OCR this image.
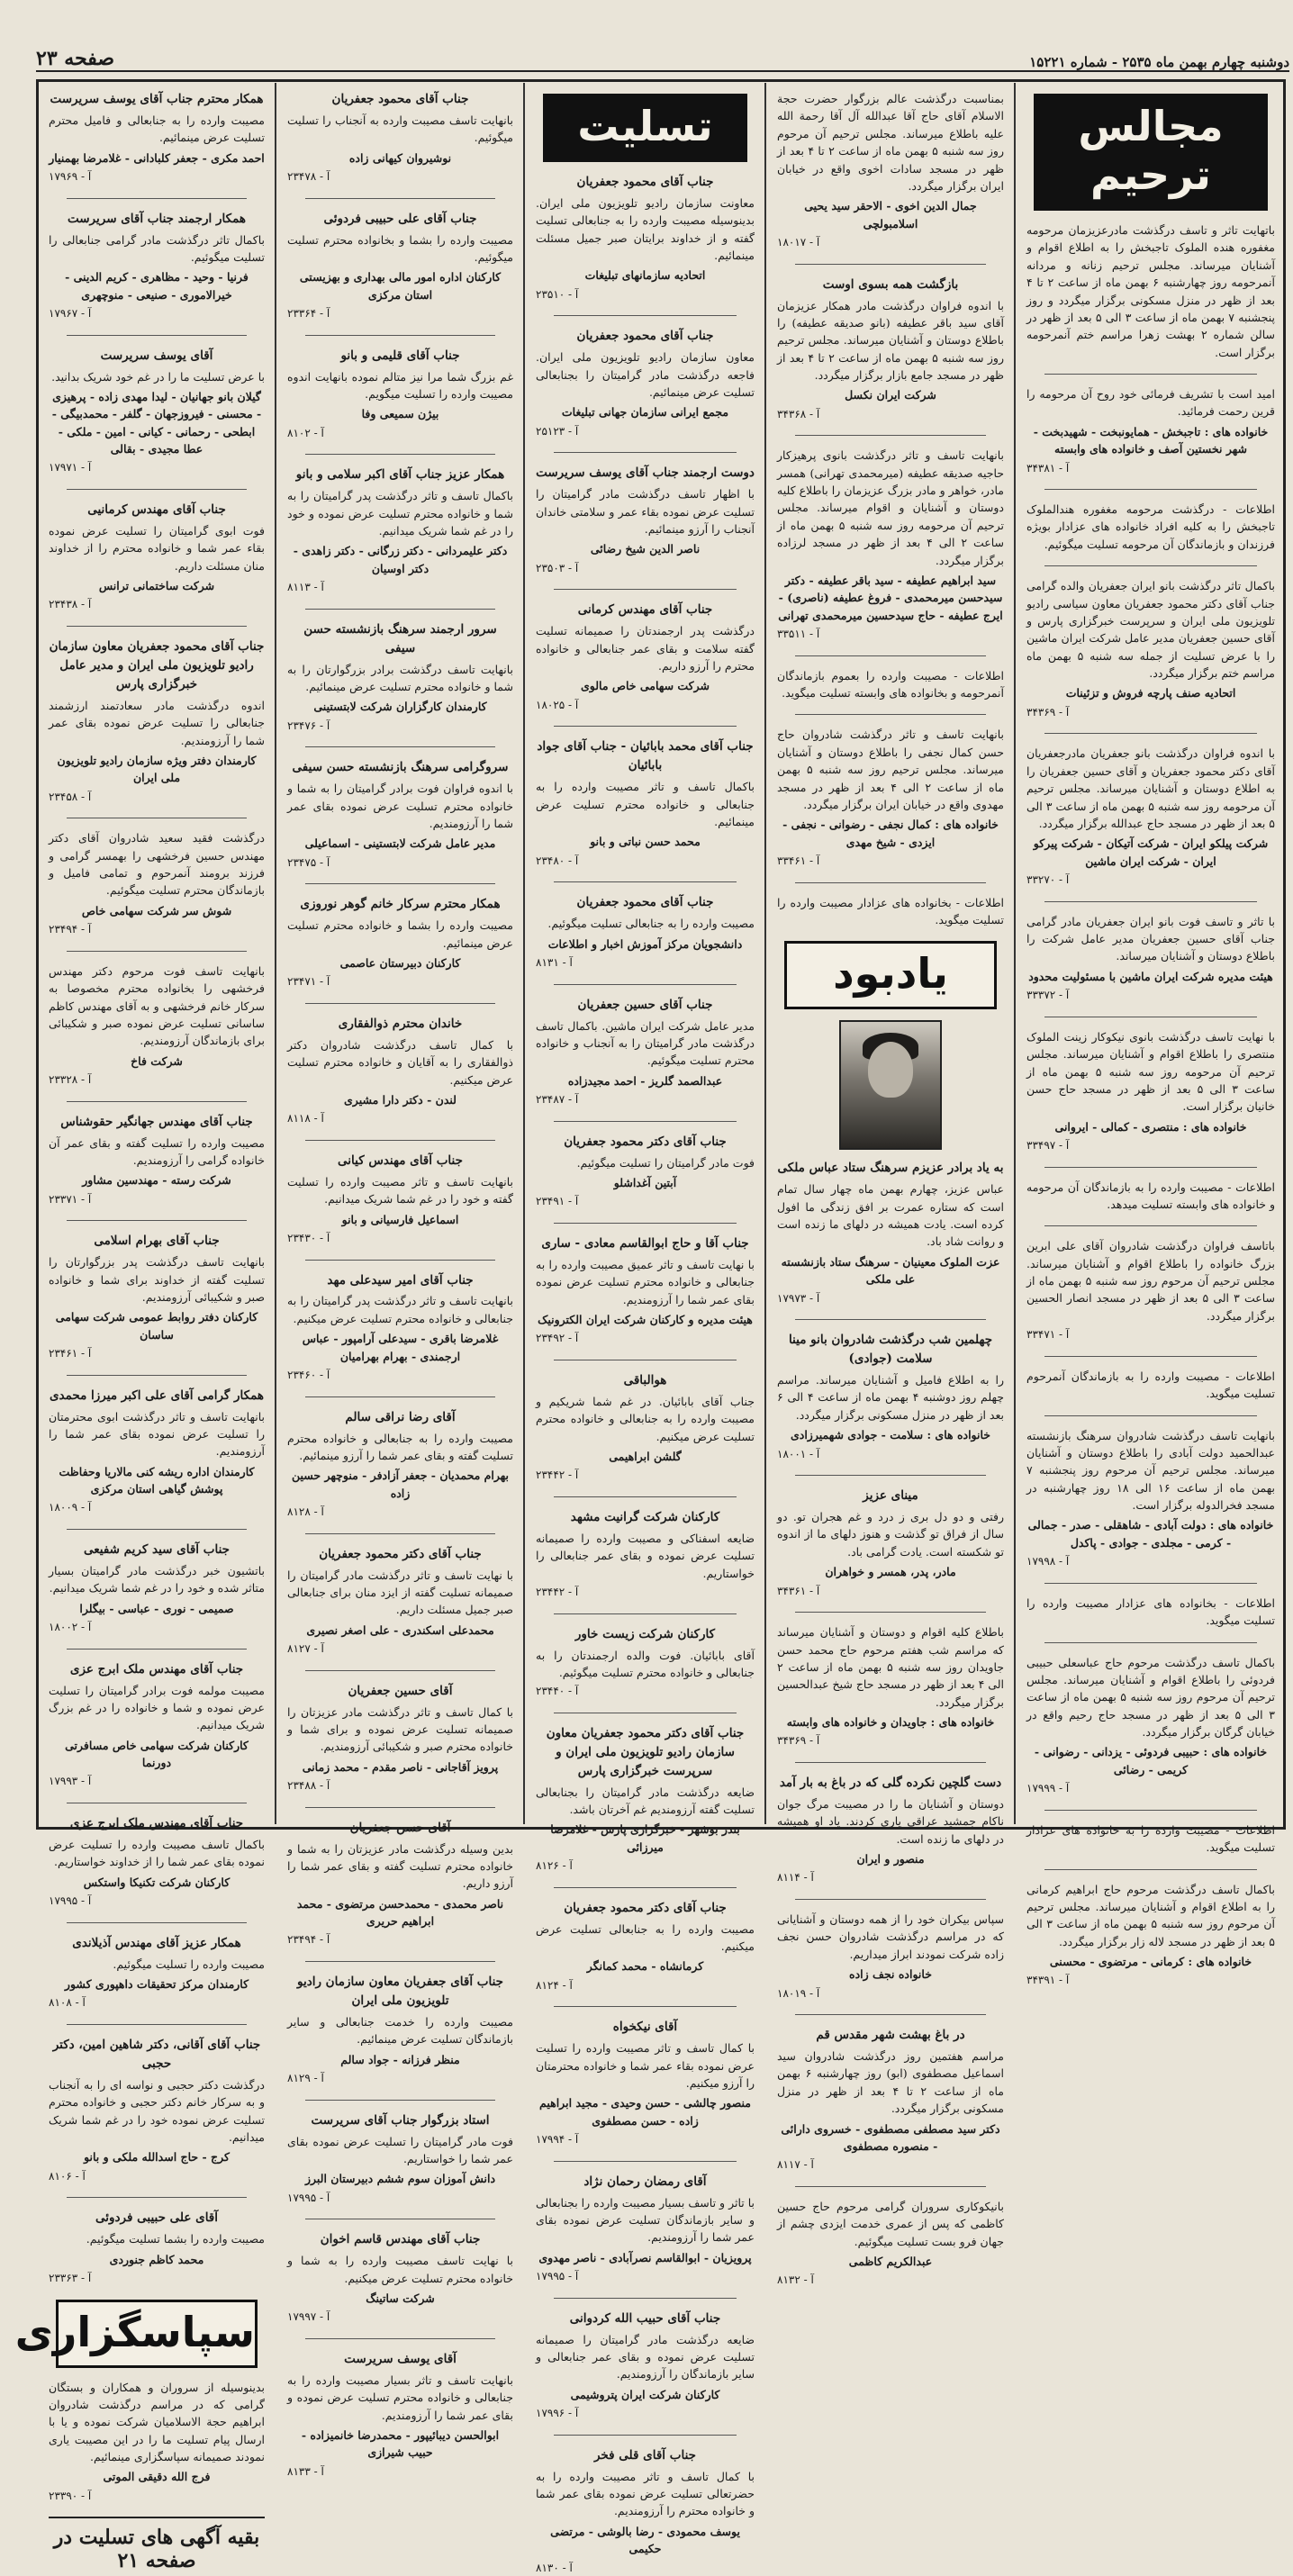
دوشنبه چهارم بهمن ماه ۲۵۳۵ - شماره ۱۵۲۲۱
صفحه ۲۳
مجالس ترحیم
باتهایت تاثر و تاسف درگذشت مادرعزیزمان مرحومه مغفوره هنده الملوک تاجبخش را به اطلاع اقوام و آشنایان میرساند. مجلس ترحیم زنانه و مردانه آنمرحومه روز چهارشنبه ۶ بهمن ماه از ساعت ۲ تا ۴ بعد از ظهر در منزل مسکونی برگزار میگردد و روز پنجشنبه ۷ بهمن ماه از ساعت ۳ الی ۵ بعد از ظهر در سالن شماره ۲ بهشت زهرا مراسم ختم آنمرحومه برگزار است.
امید است با تشریف فرمائی خود روح آن مرحومه را قرین رحمت فرمائید.
خانواده های : تاجبخش - همایونبخت - شهیدبخت - شهر نخستین آصف و خانواده های وابسته
آ - ۳۴۳۸۱
اطلاعات - درگذشت مرحومه مغفوره هندالملوک تاجبخش را به کلیه افراد خانواده های عزادار بویژه فرزندان و بازماندگان آن مرحومه تسلیت میگوئیم.
باکمال تاثر درگذشت بانو ایران جعفریان والده گرامی جناب آقای دکتر محمود جعفریان معاون سیاسی رادیو تلویزیون ملی ایران و سرپرست خبرگزاری پارس و آقای حسین جعفریان مدیر عامل شرکت ایران ماشین را با عرض تسلیت از جمله سه شنبه ۵ بهمن ماه مراسم ختم برگزار میگردد.
اتحادیه صنف پارچه فروش و تزئینات
آ - ۳۴۳۶۹
با اندوه فراوان درگذشت بانو جعفریان مادرجعفریان آقای دکتر محمود جعفریان و آقای حسین جعفریان را به اطلاع دوستان و آشنایان میرساند. مجلس ترحیم آن مرحومه روز سه شنبه ۵ بهمن ماه از ساعت ۳ الی ۵ بعد از ظهر در مسجد حاج عبدالله برگزار میگردد.
شرکت پیلکو ایران - شرکت آتیکان - شرکت پیرکو ایران - شرکت ایران ماشین
آ - ۳۳۲۷۰
با تاثر و تاسف فوت بانو ایران جعفریان مادر گرامی جناب آقای حسین جعفریان مدیر عامل شرکت را باطلاع دوستان و آشنایان میرساند.
هیئت مدیره شرکت ایران ماشین با مسئولیت محدود
آ - ۳۳۳۷۲
با نهایت تاسف درگذشت بانوی نیکوکار زینت الملوک منتصری را باطلاع اقوام و آشنایان میرساند. مجلس ترحیم آن مرحومه روز سه شنبه ۵ بهمن ماه از ساعت ۳ الی ۵ بعد از ظهر در مسجد حاج حسن خانیان برگزار است.
خانواده های : منتصری - کمالی - ایروانی
آ - ۳۳۴۹۷
اطلاعات - مصیبت وارده را به بازماندگان آن مرحومه و خانواده های وابسته تسلیت میدهد.
باتاسف فراوان درگذشت شادروان آقای علی ابرین بزرگ خانواده را باطلاع اقوام و آشنایان میرساند. مجلس ترحیم آن مرحوم روز سه شنبه ۵ بهمن ماه از ساعت ۳ الی ۵ بعد از ظهر در مسجد انصار الحسین برگزار میگردد.
آ - ۳۳۴۷۱
اطلاعات - مصیبت وارده را به بازماندگان آنمرحوم تسلیت میگوید.
بانهایت تاسف درگذشت شادروان سرهنگ بازنشسته عبدالحمید دولت آبادی را باطلاع دوستان و آشنایان میرساند. مجلس ترحیم آن مرحوم روز پنجشنبه ۷ بهمن ماه از ساعت ۱۶ الی ۱۸ روز چهارشنبه در مسجد فخرالدوله برگزار است.
خانواده های : دولت آبادی - شاهقلی - صدر - جمالی - کرمی - مجلدی - جوادی - پاکدل
آ - ۱۷۹۹۸
اطلاعات - بخانواده های عزادار مصیبت وارده را تسلیت میگوید.
باکمال تاسف درگذشت مرحوم حاج عباسعلی حبیبی فردوئی را باطلاع اقوام و آشنایان میرساند. مجلس ترحیم آن مرحوم روز سه شنبه ۵ بهمن ماه از ساعت ۳ الی ۵ بعد از ظهر در مسجد حاج رحیم واقع در خیابان گرگان برگزار میگردد.
خانواده های : حبیبی فردوئی - یزدانی - رضوانی - کریمی - رضائی
آ - ۱۷۹۹۹
اطلاعات - مصیبت وارده را به خانواده های عزادار تسلیت میگوید.
باکمال تاسف درگذشت مرحوم حاج ابراهیم کرمانی را به اطلاع اقوام و آشنایان میرساند. مجلس ترحیم آن مرحوم روز سه شنبه ۵ بهمن ماه از ساعت ۳ الی ۵ بعد از ظهر در مسجد لاله زار برگزار میگردد.
خانواده های : کرمانی - مرتضوی - محسنی
آ - ۳۴۳۹۱
بمناسبت درگذشت عالم بزرگوار حضرت حجة الاسلام آقای حاج آقا عبدالله آل آقا رحمة الله علیه باطلاع میرساند. مجلس ترحیم آن مرحوم روز سه شنبه ۵ بهمن ماه از ساعت ۲ تا ۴ بعد از ظهر در مسجد سادات اخوی واقع در خیابان ایران برگزار میگردد.
جمال الدین اخوی - الاحقر سید یحیی اسلامبولچی
آ - ۱۸۰۱۷
بازگشت همه بسوی اوست
با اندوه فراوان درگذشت مادر همکار عزیزمان آقای سید باقر عطیفه (بانو صدیقه عطیفه) را باطلاع دوستان و آشنایان میرساند. مجلس ترحیم روز سه شنبه ۵ بهمن ماه از ساعت ۲ تا ۴ بعد از ظهر در مسجد جامع بازار برگزار میگردد.
شرکت ایران نکسل
آ - ۳۴۳۶۸
بانهایت تاسف و تاثر درگذشت بانوی پرهیزکار حاجیه صدیقه عطیفه (میرمحمدی تهرانی) همسر مادر، خواهر و مادر بزرگ عزیزمان را باطلاع کلیه دوستان و آشنایان و اقوام میرساند. مجلس ترحیم آن مرحومه روز سه شنبه ۵ بهمن ماه از ساعت ۲ الی ۴ بعد از ظهر در مسجد لرزاده برگزار میگردد.
سید ابراهیم عطیفه - سید باقر عطیفه - دکتر سیدحسن میرمحمدی - فروغ عطیفه (ناصری) - ایرج عطیفه - حاج سیدحسین میرمحمدی تهرانی
آ - ۳۳۵۱۱
اطلاعات - مصیبت وارده را بعموم بازماندگان آنمرحومه و بخانواده های وابسته تسلیت میگوید.
بانهایت تاسف و تاثر درگذشت شادروان حاج حسن کمال نجفی را باطلاع دوستان و آشنایان میرساند. مجلس ترحیم روز سه شنبه ۵ بهمن ماه از ساعت ۲ الی ۴ بعد از ظهر در مسجد مهدوی واقع در خیابان ایران برگزار میگردد.
خانواده های : کمال نجفی - رضوانی - نجفی - ایزدی - شیخ مهدی
آ - ۳۳۴۶۱
اطلاعات - بخانواده های عزادار مصیبت وارده را تسلیت میگوید.
یادبود
به یاد برادر عزیزم سرهنگ ستاد عباس ملکی
عباس عزیز، چهارم بهمن ماه چهار سال تمام است که ستاره عمرت بر افق زندگی ما افول کرده است. یادت همیشه در دلهای ما زنده است و روانت شاد باد.
عزت الملوک معینیان - سرهنگ ستاد بازنشسته علی ملکی
آ - ۱۷۹۷۳
چهلمین شب درگذشت شادروان بانو مینا سلامت (جوادی)
را به اطلاع فامیل و آشنایان میرساند. مراسم چهلم روز دوشنبه ۴ بهمن ماه از ساعت ۴ الی ۶ بعد از ظهر در منزل مسکونی برگزار میگردد.
خانواده های : سلامت - جوادی شهمیرزادی
آ - ۱۸۰۰۱
مینای عزیز
رفتی و دو دل بری ز درد و غم هجران تو. دو سال از فراق تو گذشت و هنوز دلهای ما از اندوه تو شکسته است. یادت گرامی باد.
مادر، پدر، همسر و خواهران
آ - ۳۴۳۶۱
باطلاع کلیه اقوام و دوستان و آشنایان میرساند که مراسم شب هفتم مرحوم حاج محمد حسن جاویدان روز سه شنبه ۵ بهمن ماه از ساعت ۲ الی ۴ بعد از ظهر در مسجد حاج شیخ عبدالحسین برگزار میگردد.
خانواده های : جاویدان و خانواده های وابسته
آ - ۳۴۳۶۹
دست گلچین نکرده گلی که در باغ به بار آمد
دوستان و آشنایان ما را در مصیبت مرگ جوان ناکام جمشید عراقی یاری کردند. یاد او همیشه در دلهای ما زنده است.
منصور و ایران
آ - ۸۱۱۴
سپاس بیکران خود را از همه دوستان و آشنایانی که در مراسم درگذشت شادروان حسن نجف زاده شرکت نمودند ابراز میداریم.
خانواده نجف زاده
آ - ۱۸۰۱۹
در باغ بهشت شهر مقدس قم
مراسم هفتمین روز درگذشت شادروان سید اسماعیل مصطفوی (ابو) روز چهارشنبه ۶ بهمن ماه از ساعت ۲ تا ۴ بعد از ظهر در منزل مسکونی برگزار میگردد.
دکتر سید مصطفی مصطفوی - خسروی دارائی - منصوره مصطفوی
آ - ۸۱۱۷
بانیکوکاری سروران گرامی مرحوم حاج حسین کاظمی که پس از عمری خدمت ایزدی چشم از جهان فرو بست تسلیت میگوئیم.
عبدالکریم کاظمی
آ - ۸۱۳۲
تسلیت
جناب آقای محمود جعفریان
معاونت سازمان رادیو تلویزیون ملی ایران. بدینوسیله مصیبت وارده را به جنابعالی تسلیت گفته و از خداوند برایتان صبر جمیل مسئلت مینمائیم.
اتحادیه سازمانهای تبلیغات
آ - ۲۳۵۱۰
جناب آقای محمود جعفریان
معاون سازمان رادیو تلویزیون ملی ایران. فاجعه درگذشت مادر گرامیتان را بجنابعالی تسلیت عرض مینمائیم.
مجمع ایرانی سازمان جهانی تبلیغات
آ - ۲۵۱۲۳
دوست ارجمند جناب آقای یوسف سریرست
با اظهار تاسف درگذشت مادر گرامیتان را تسلیت عرض نموده بقاء عمر و سلامتی خاندان آنجناب را آرزو مینمائیم.
ناصر الدین شیخ رضائی
آ - ۲۳۵۰۳
جناب آقای مهندس کرمانی
درگذشت پدر ارجمندتان را صمیمانه تسلیت گفته سلامت و بقای عمر جنابعالی و خانواده محترم را آرزو داریم.
شرکت سهامی خاص مالوی
آ - ۱۸۰۲۵
جناب آقای محمد بابائیان - جناب آقای جواد بابائیان
باکمال تاسف و تاثر مصیبت وارده را به جنابعالی و خانواده محترم تسلیت عرض مینمائیم.
محمد حسن نباتی و بانو
آ - ۲۳۴۸۰
جناب آقای محمود جعفریان
مصیبت وارده را به جنابعالی تسلیت میگوئیم.
دانشجویان مرکز آموزش اخبار و اطلاعات
آ - ۸۱۳۱
جناب آقای حسین جعفریان
مدیر عامل شرکت ایران ماشین. باکمال تاسف درگذشت مادر گرامیتان را به آنجناب و خانواده محترم تسلیت میگوئیم.
عبدالصمد گلریز - احمد مجیدزاده
آ - ۲۳۴۸۷
جناب آقای دکتر محمود جعفریان
فوت مادر گرامیتان را تسلیت میگوئیم.
آبتین آغداشلو
آ - ۲۳۴۹۱
جناب آقا و حاج ابوالقاسم معادی - ساری
با نهایت تاسف و تاثر عمیق مصیبت وارده را به جنابعالی و خانواده محترم تسلیت عرض نموده بقای عمر شما را آرزومندیم.
هیئت مدیره و کارکنان شرکت ایران الکترونیک
آ - ۲۳۴۹۲
هوالباقی
جناب آقای بابائیان. در غم شما شریکیم و مصیبت وارده را به جنابعالی و خانواده محترم تسلیت عرض میکنیم.
گلشن ابراهیمی
آ - ۲۳۴۴۲
کارکنان شرکت گرانیت مشهد
ضایعه اسفناکی و مصیبت وارده را صمیمانه تسلیت عرض نموده و بقای عمر جنابعالی را خواستاریم.
آ - ۲۳۴۴۲
کارکنان شرکت زیست خاور
آقای بابائیان. فوت والده ارجمندتان را به جنابعالی و خانواده محترم تسلیت میگوئیم.
آ - ۲۳۴۴۰
جناب آقای دکتر محمود جعفریان معاون سازمان رادیو تلویزیون ملی ایران و سرپرست خبرگزاری پارس
ضایعه درگذشت مادر گرامیتان را بجنابعالی تسلیت گفته آرزومندیم غم آخرتان باشد.
بندر بوشهر - خبرگزاری پارس - غلامرضا میرزائی
آ - ۸۱۲۶
جناب آقای دکتر محمود جعفریان
مصیبت وارده را به جنابعالی تسلیت عرض میکنیم.
کرمانشاه - محمد کمانگر
آ - ۸۱۲۴
آقای نیکخواه
با کمال تاسف و تاثر مصیبت وارده را تسلیت عرض نموده بقاء عمر شما و خانواده محترمتان را آرزو میکنیم.
منصور چالشی - حسن وحیدی - مجید ابراهیم زاده - حسن مصطفوی
آ - ۱۷۹۹۴
آقای رمضان رحمان نژاد
با تاثر و تاسف بسیار مصیبت وارده را بجنابعالی و سایر بازماندگان تسلیت عرض نموده بقای عمر شما را آرزومندیم.
پرویزیان - ابوالقاسم نصرآبادی - ناصر مهدوی
آ - ۱۷۹۹۵
جناب آقای حبیب الله کردوانی
ضایعه درگذشت مادر گرامیتان را صمیمانه تسلیت عرض نموده و بقای عمر جنابعالی و سایر بازماندگان را آرزومندیم.
کارکنان شرکت ایران پتروشیمی
آ - ۱۷۹۹۶
جناب آقای قلی فخر
با کمال تاسف و تاثر مصیبت وارده را به حضرتعالی تسلیت عرض نموده بقای عمر شما و خانواده محترم را آرزومندیم.
یوسف محمودی - رضا بالوشی - مرتضی حکیمی
آ - ۸۱۳۰
جناب آقای محمود جعفریان
بانهایت تاسف مصیبت وارده به آنجناب را تسلیت میگوئیم.
نوشیروان کیهانی زاده
آ - ۲۳۴۷۸
جناب آقای علی حبیبی فردوئی
مصیبت وارده را بشما و بخانواده محترم تسلیت میگوئیم.
کارکنان اداره امور مالی بهداری و بهزیستی استان مرکزی
آ - ۲۳۳۶۴
جناب آقای قلیمی و بانو
غم بزرگ شما مرا نیز متالم نموده بانهایت اندوه مصیبت وارده را تسلیت میگویم.
بیژن سمیعی وفا
آ - ۸۱۰۲
همکار عزیز جناب آقای اکبر سلامی و بانو
باکمال تاسف و تاثر درگذشت پدر گرامیتان را به شما و خانواده محترم تسلیت عرض نموده و خود را در غم شما شریک میدانیم.
دکتر علیمردانی - دکتر زرگانی - دکتر زاهدی - دکتر اوسیان
آ - ۸۱۱۳
سرور ارجمند سرهنگ بازنشسته حسن سیفی
بانهایت تاسف درگذشت برادر بزرگوارتان را به شما و خانواده محترم تسلیت عرض مینمائیم.
کارمندان کارگزاران شرکت لابتستینی
آ - ۲۳۴۷۶
سروگرامی سرهنگ بازنشسته حسن سیفی
با اندوه فراوان فوت برادر گرامیتان را به شما و خانواده محترم تسلیت عرض نموده بقای عمر شما را آرزومندیم.
مدیر عامل شرکت لابتستینی - اسماعیلی
آ - ۲۳۴۷۵
همکار محترم سرکار خانم گوهر نوروزی
مصیبت وارده را بشما و خانواده محترم تسلیت عرض مینمائیم.
کارکنان دبیرستان عاصمی
آ - ۲۳۴۷۱
خاندان محترم ذوالفقاری
با کمال تاسف درگذشت شادروان دکتر ذوالفقاری را به آقایان و خانواده محترم تسلیت عرض میکنیم.
لندن - دکتر دارا مشیری
آ - ۸۱۱۸
جناب آقای مهندس کیانی
بانهایت تاسف و تاثر مصیبت وارده را تسلیت گفته و خود را در غم شما شریک میدانیم.
اسماعیل فارسیانی و بانو
آ - ۲۳۴۳۰
جناب آقای امیر سیدعلی مهد
بانهایت تاسف و تاثر درگذشت پدر گرامیتان را به جنابعالی و خانواده محترم تسلیت عرض میکنیم.
غلامرضا باقری - سیدعلی آرامپور - عباس ارجمندی - بهرام بهرامیان
آ - ۲۳۴۶۰
آقای رضا نراقی سالم
مصیبت وارده را به جنابعالی و خانواده محترم تسلیت گفته و بقای عمر شما را آرزو مینمائیم.
بهرام محمدیان - جعفر آزادفر - منوچهر حسین زاده
آ - ۸۱۲۸
جناب آقای دکتر محمود جعفریان
با نهایت تاسف و تاثر درگذشت مادر گرامیتان را صمیمانه تسلیت گفته از ایزد منان برای جنابعالی صبر جمیل مسئلت داریم.
محمدعلی اسکندری - علی اصغر نصیری
آ - ۸۱۲۷
آقای حسین جعفریان
با کمال تاسف و تاثر درگذشت مادر عزیزتان را صمیمانه تسلیت عرض نموده و برای شما و خانواده محترم صبر و شکیبائی آرزومندیم.
پرویز آقاجانی - ناصر مقدم - محمد زمانی
آ - ۲۳۴۸۸
آقای حسن جعفریان
بدین وسیله درگذشت مادر عزیزتان را به شما و خانواده محترم تسلیت گفته و بقای عمر شما را آرزو داریم.
ناصر محمدی - محمدحسن مرتضوی - محمد ابراهیم حریری
آ - ۲۳۴۹۴
جناب آقای جعفریان معاون سازمان رادیو تلویزیون ملی ایران
مصیبت وارده را خدمت جنابعالی و سایر بازماندگان تسلیت عرض مینمائیم.
منظر فرزانه - جواد سالم
آ - ۸۱۲۹
استاد بزرگوار جناب آقای سریرست
فوت مادر گرامیتان را تسلیت عرض نموده بقای عمر شما را خواستاریم.
دانش آموزان سوم ششم دبیرستان البرز
آ - ۱۷۹۹۵
جناب آقای مهندس قاسم اخوان
با نهایت تاسف مصیبت وارده را به شما و خانواده محترم تسلیت عرض میکنیم.
شرکت ساتینگ
آ - ۱۷۹۹۷
آقای یوسف سریرست
بانهایت تاسف و تاثر بسیار مصیبت وارده را به جنابعالی و خانواده محترم تسلیت عرض نموده و بقای عمر شما را آرزومندیم.
ابوالحسن دیبائیپور - محمدرضا خانمیزاده - حبیب شیرازی
آ - ۸۱۳۳
همکار محترم جناب آقای یوسف سریرست
مصیبت وارده را به جنابعالی و فامیل محترم تسلیت عرض مینمائیم.
احمد مکری - جعفر کلبادانی - غلامرضا بهمنیار
آ - ۱۷۹۶۹
همکار ارجمند جناب آقای سریرست
باکمال تاثر درگذشت مادر گرامی جنابعالی را تسلیت میگوئیم.
فرنیا - وحید - مظاهری - کریم الدینی - خیرالاموری - صنیعی - منوچهری
آ - ۱۷۹۶۷
آقای یوسف سریرست
با عرض تسلیت ما را در غم خود شریک بدانید.
گیلان بانو جهانیان - لیدا مهدی زاده - پرهیزی - محسنی - فیروزجهان - گلفر - محمدبیگی - ابطحی - رحمانی - کیانی - امین - ملکی - عطا مجیدی - بقالی
آ - ۱۷۹۷۱
جناب آقای مهندس کرمانیی
فوت ابوی گرامیتان را تسلیت عرض نموده بقاء عمر شما و خانواده محترم را از خداوند منان مسئلت داریم.
شرکت ساختمانی ترانس
آ - ۲۳۴۳۸
جناب آقای محمود جعفریان معاون سازمان رادیو تلویزیون ملی ایران و مدیر عامل خبرگزاری پارس
اندوه درگذشت مادر سعادتمند ارزشمند جنابعالی را تسلیت عرض نموده بقای عمر شما را آرزومندیم.
کارمندان دفتر ویژه سازمان رادیو تلویزیون ملی ایران
آ - ۲۳۴۵۸
درگذشت فقید سعید شادروان آقای دکتر مهندس حسین فرخشهی را بهمسر گرامی و فرزند برومند آنمرحوم و تمامی فامیل و بازماندگان محترم تسلیت میگوئیم.
شوش سر شرکت سهامی خاص
آ - ۲۳۴۹۴
بانهایت تاسف فوت مرحوم دکتر مهندس فرخشهی را بخانواده محترم مخصوصا به سرکار خانم فرخشهی و به آقای مهندس کاظم ساسانی تسلیت عرض نموده صبر و شکیبائی برای بازماندگان آرزومندیم.
شرکت فاخ
آ - ۲۳۳۲۸
جناب آقای مهندس جهانگیر حقوشناس
مصیبت وارده را تسلیت گفته و بقای عمر آن خانواده گرامی را آرزومندیم.
شرکت رسته - مهندسین مشاور
آ - ۲۳۳۷۱
جناب آقای بهرام اسلامی
بانهایت تاسف درگذشت پدر بزرگوارتان را تسلیت گفته از خداوند برای شما و خانواده صبر و شکیبائی آرزومندیم.
کارکنان دفتر روابط عمومی شرکت سهامی ساسان
آ - ۲۳۴۶۱
همکار گرامی آقای علی اکبر میرزا محمدی
بانهایت تاسف و تاثر درگذشت ابوی محترمتان را تسلیت عرض نموده بقای عمر شما را آرزومندیم.
کارمندان اداره ریشه کنی مالاریا وحفاظت پوشش گیاهی استان مرکزی
آ - ۱۸۰۰۹
جناب آقای سید کریم شفیعی
باتشیون خبر درگذشت مادر گرامیتان بسیار متاثر شده و خود را در غم شما شریک میدانیم.
صمیمی - نوری - عباسی - بیگلرا
آ - ۱۸۰۰۲
جناب آقای مهندس ملک ابرج عزی
مصیبت مولمه فوت برادر گرامیتان را تسلیت عرض نموده و شما و خانواده را در غم بزرگ شریک میدانیم.
کارکنان شرکت سهامی خاص مسافرتی دورنما
آ - ۱۷۹۹۳
جناب آقای مهندس ملک ابرج عزی
باکمال تاسف مصیبت وارده را تسلیت عرض نموده بقای عمر شما را از خداوند خواستاریم.
کارکنان شرکت تکنیکا واستکس
آ - ۱۷۹۹۵
همکار عزیز آقای مهندس آذیلاندی
مصیبت وارده را تسلیت میگوئیم.
کارمندان مرکز تحقیقات داهپوری کشور
آ - ۸۱۰۸
جناب آقای آقانی، دکتر شاهین امین، دکتر حجبی
درگذشت دکتر حجبی و نواسه ای را به آنجناب و به سرکار خانم دکتر حجبی و خانواده محترم تسلیت عرض نموده خود را در غم شما شریک میدانیم.
کرج - حاج اسدالله ملکی و بانو
آ - ۸۱۰۶
آقای علی حبیبی فردوئی
مصیبت وارده را بشما تسلیت میگوئیم.
محمد کاظم جنوردی
آ - ۲۳۳۶۳
سپاسگزاری
بدینوسیله از سروران و همکاران و بستگان گرامی که در مراسم درگذشت شادروان ابراهیم حجة الاسلامیان شرکت نموده و یا با ارسال پیام تسلیت ما را در این مصیبت یاری نمودند صمیمانه سپاسگزاری مینمائیم.
فرج الله دقیقی الموتی
آ - ۲۳۳۹۰
بقیه آگهی های تسلیت در صفحه ۲۱
